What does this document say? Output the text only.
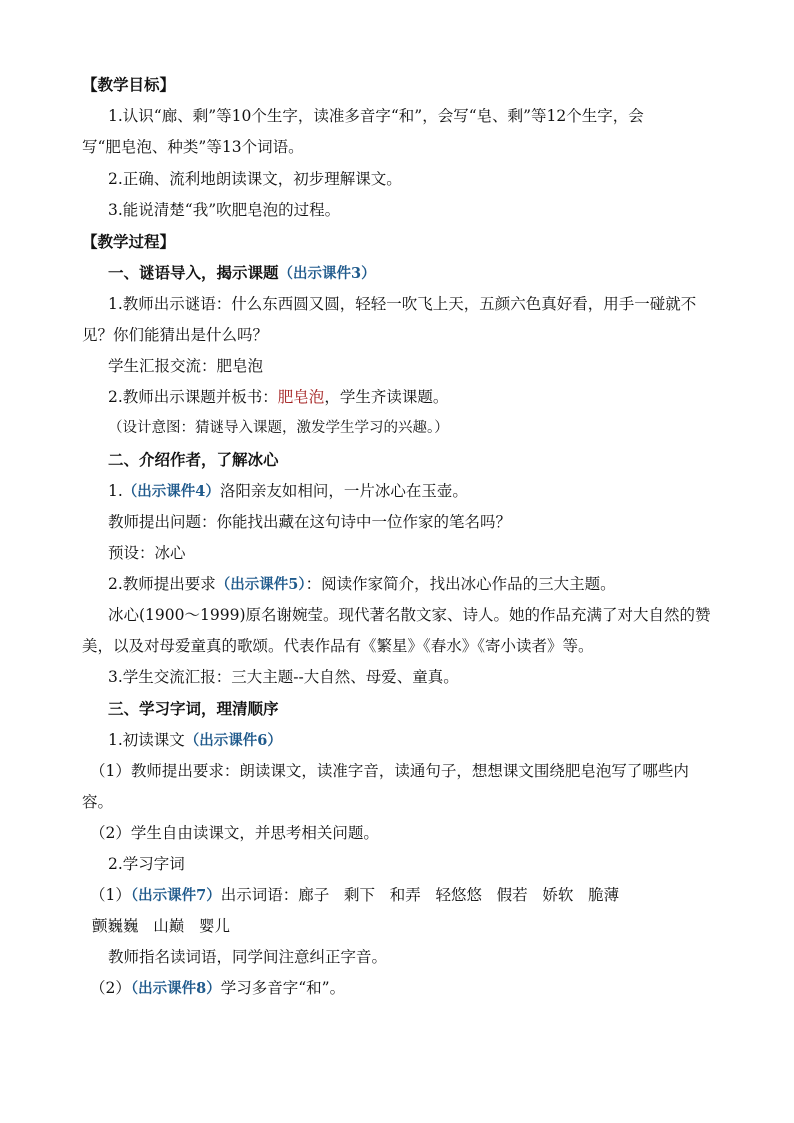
【教学目标】
1.认识“廊、剩”等10个生字，读准多音字“和”，会写“皂、剩”等12个生字，会
写“肥皂泡、种类”等13个词语。
2.正确、流利地朗读课文，初步理解课文。
3.能说清楚“我”吹肥皂泡的过程。
【教学过程】
一、谜语导入，揭示课题（出示课件3）
1.教师出示谜语：什么东西圆又圆，轻轻一吹飞上天，五颜六色真好看，用手一碰就不
见？你们能猜出是什么吗？
学生汇报交流：肥皂泡
2.教师出示课题并板书：肥皂泡，学生齐读课题。
（设计意图：猜谜导入课题，激发学生学习的兴趣。）
二、介绍作者，了解冰心
1.（出示课件4）洛阳亲友如相问，一片冰心在玉壶。
教师提出问题：你能找出藏在这句诗中一位作家的笔名吗？
预设：冰心
2.教师提出要求（出示课件5）：阅读作家简介，找出冰心作品的三大主题。
冰心(1900～1999)原名谢婉莹。现代著名散文家、诗人。她的作品充满了对大自然的赞
美，以及对母爱童真的歌颂。代表作品有《繁星》《春水》《寄小读者》等。
3.学生交流汇报：三大主题--大自然、母爱、童真。
三、学习字词，理清顺序
1.初读课文（出示课件6）
（1）教师提出要求：朗读课文，读准字音，读通句子，想想课文围绕肥皂泡写了哪些内
容。
（2）学生自由读课文，并思考相关问题。
2.学习字词
（1）（出示课件7）出示词语：廊子 剩下 和弄 轻悠悠 假若 娇软 脆薄
颤巍巍 山巅 婴儿
教师指名读词语，同学间注意纠正字音。
（2）（出示课件8）学习多音字“和”。
